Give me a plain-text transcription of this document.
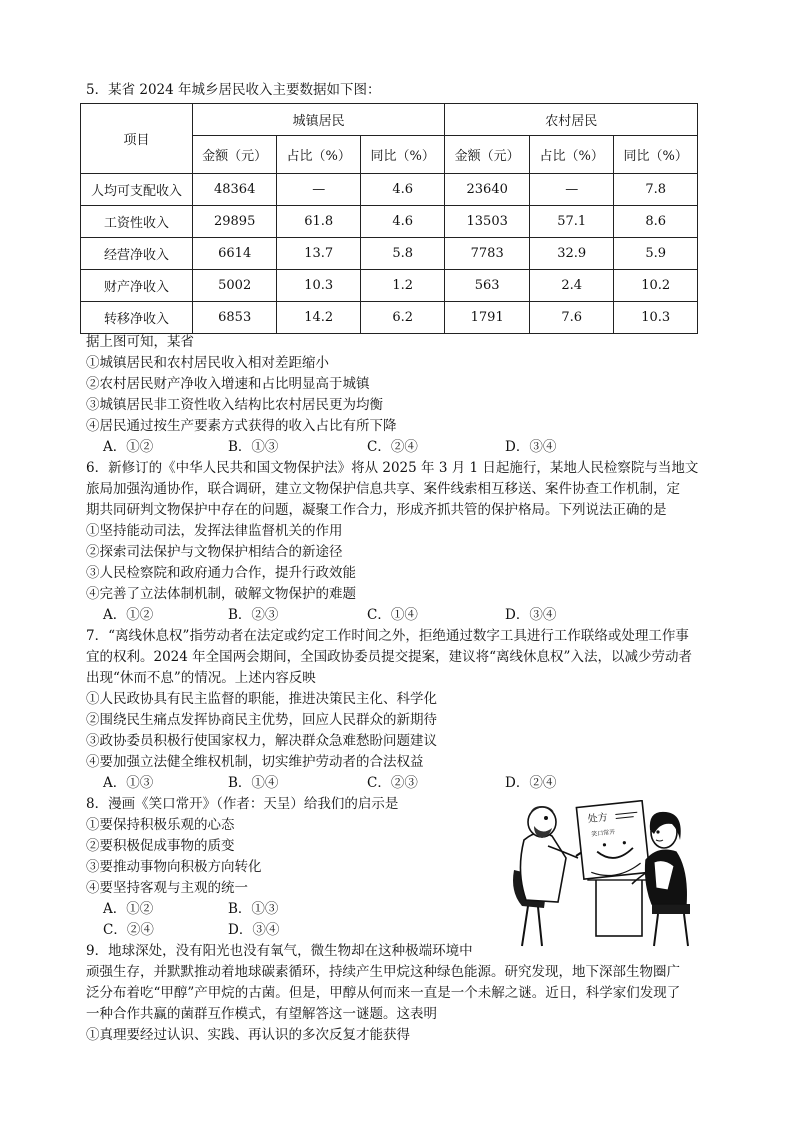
5．某省 2024 年城乡居民收入主要数据如下图：
项目	城镇居民			农村居民		
	金额（元）	占比（%）	同比（%）	金额（元）	占比（%）	同比（%）
人均可支配收入	48364	—	4.6	23640	—	7.8
工资性收入	29895	61.8	4.6	13503	57.1	8.6
经营净收入	6614	13.7	5.8	7783	32.9	5.9
财产净收入	5002	10.3	1.2	563	2.4	10.2
转移净收入	6853	14.2	6.2	1791	7.6	10.3
据上图可知，某省
①城镇居民和农村居民收入相对差距缩小
②农村居民财产净收入增速和占比明显高于城镇
③城镇居民非工资性收入结构比农村居民更为均衡
④居民通过按生产要素方式获得的收入占比有所下降
A．①②	B．①③	C．②④	D．③④
6．新修订的《中华人民共和国文物保护法》将从 2025 年 3 月 1 日起施行，某地人民检察院与当地文
旅局加强沟通协作，联合调研，建立文物保护信息共享、案件线索相互移送、案件协查工作机制，定
期共同研判文物保护中存在的问题，凝聚工作合力，形成齐抓共管的保护格局。下列说法正确的是
①坚持能动司法，发挥法律监督机关的作用
②探索司法保护与文物保护相结合的新途径
③人民检察院和政府通力合作，提升行政效能
④完善了立法体制机制，破解文物保护的难题
A．①②	B．②③	C．①④	D．③④
7．“离线休息权”指劳动者在法定或约定工作时间之外，拒绝通过数字工具进行工作联络或处理工作事
宜的权利。2024 年全国两会期间，全国政协委员提交提案，建议将“离线休息权”入法，以减少劳动者
出现“休而不息”的情况。上述内容反映
①人民政协具有民主监督的职能，推进决策民主化、科学化
②围绕民生痛点发挥协商民主优势，回应人民群众的新期待
③政协委员积极行使国家权力，解决群众急难愁盼问题建议
④要加强立法健全维权机制，切实维护劳动者的合法权益
A．①③	B．①④	C．②③	D．②④
8．漫画《笑口常开》（作者：天呈）给我们的启示是
①要保持积极乐观的心态
②要积极促成事物的质变
③要推动事物向积极方向转化
④要坚持客观与主观的统一
A．①②	B．①③
C．②④	D．③④
处方
笑口常开
9．地球深处，没有阳光也没有氧气，微生物却在这种极端环境中
顽强生存，并默默推动着地球碳素循环，持续产生甲烷这种绿色能源。研究发现，地下深部生物圈广
泛分布着吃“甲醇”产甲烷的古菌。但是，甲醇从何而来一直是一个未解之谜。近日，科学家们发现了
一种合作共赢的菌群互作模式，有望解答这一谜题。这表明
①真理要经过认识、实践、再认识的多次反复才能获得
